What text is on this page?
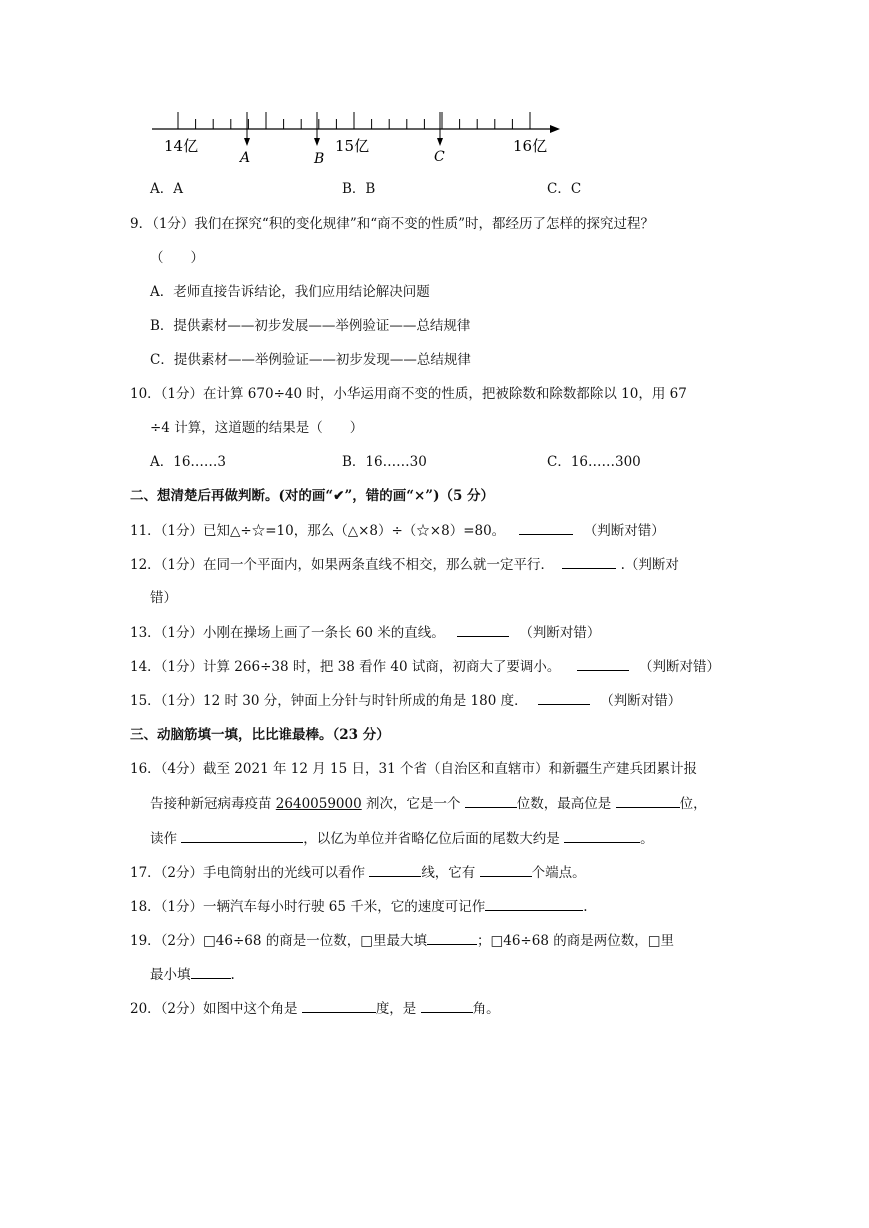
14亿	15亿	16亿
A	B	C
A．A	B．B	C．C
9．（1分）我们在探究“积的变化规律”和“商不变的性质”时，都经历了怎样的探究过程？
（　　）
A．老师直接告诉结论，我们应用结论解决问题
B．提供素材——初步发展——举例验证——总结规律
C．提供素材——举例验证——初步发现——总结规律
10．（1分）在计算 670÷40 时，小华运用商不变的性质，把被除数和除数都除以 10，用 67
÷4 计算，这道题的结果是（　　）
A．16……3	B．16……30	C．16……300
二、想清楚后再做判断。(对的画“✔”，错的画“×”)（5 分）
11．（1分）已知△÷☆=10，那么（△×8）÷（☆×8）=80。	（判断对错）
12．（1分）在同一个平面内，如果两条直线不相交，那么就一定平行．	.（判断对
错）
13．（1分）小刚在操场上画了一条长 60 米的直线。	（判断对错）
14．（1分）计算 266÷38 时，把 38 看作 40 试商，初商大了要调小。	（判断对错）
15．（1分）12 时 30 分，钟面上分针与时针所成的角是 180 度．	（判断对错）
三、动脑筋填一填，比比谁最棒。（23 分）
16．（4分）截至 2021 年 12 月 15 日，31 个省（自治区和直辖市）和新疆生产建兵团累计报
告接种新冠病毒疫苗 2640059000 剂次，它是一个	位数，最高位是	位，
读作	，以亿为单位并省略亿位后面的尾数大约是	。
17．（2分）手电筒射出的光线可以看作	线，它有	个端点。
18．（1分）一辆汽车每小时行驶 65 千米，它的速度可记作	.
19．（2分）□46÷68 的商是一位数，□里最大填	；□46÷68 的商是两位数，□里
最小填	.
20．（2分）如图中这个角是	度，是	角。
